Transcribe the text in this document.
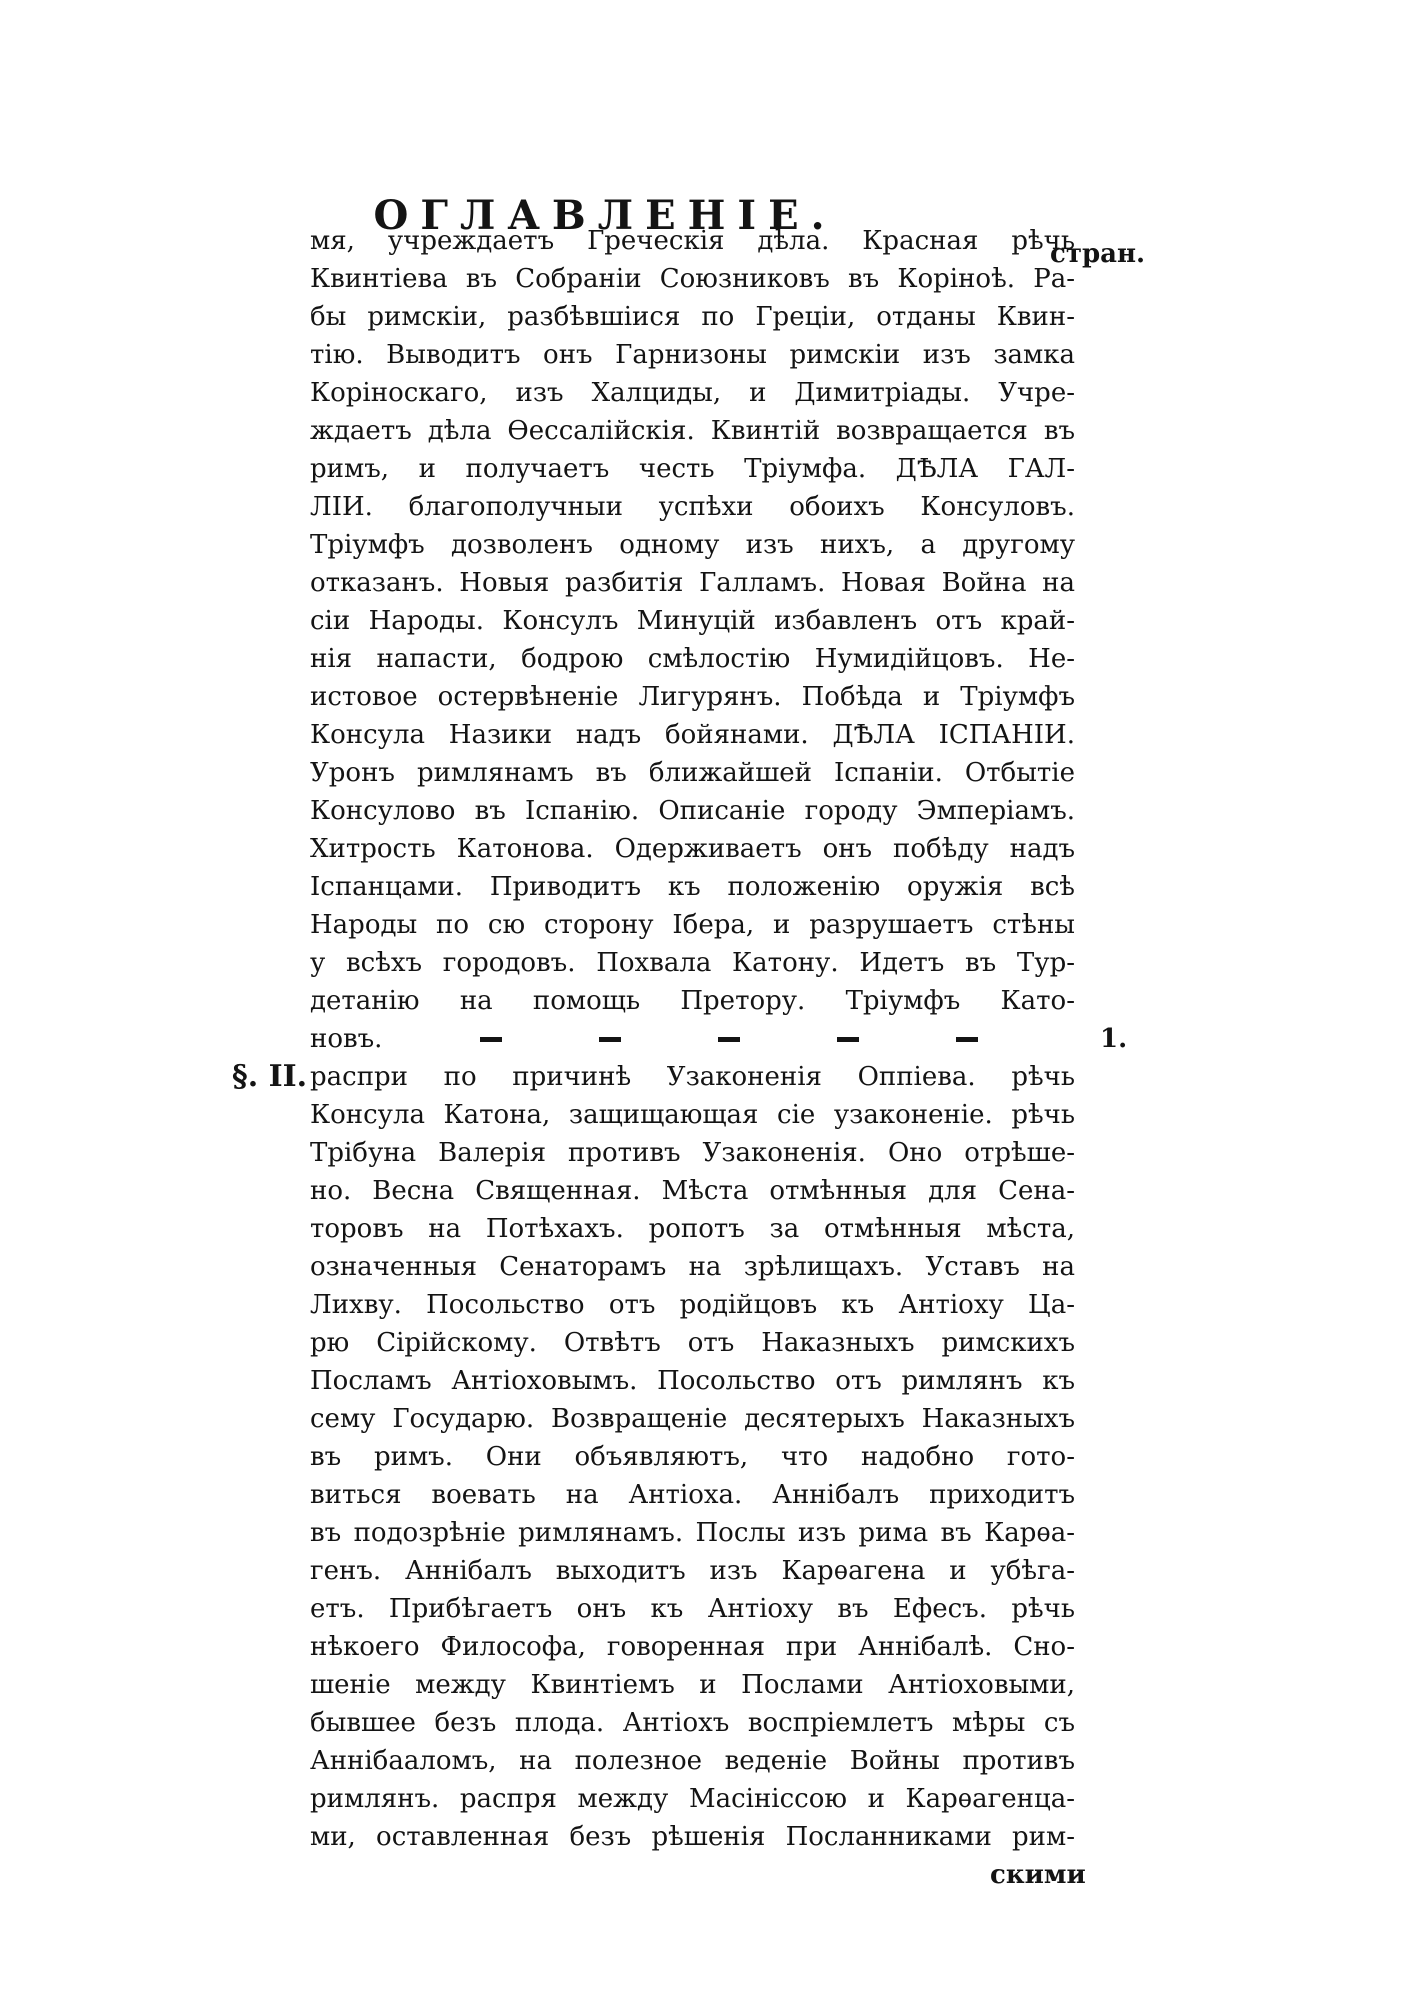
ОГЛАВЛЕНІЕ.
стран.
мя, учреждаетъ Греческія дѣла. Красная рѣчь
Квинтіева въ Собраніи Союзниковъ въ Коріноѣ. Ра-
бы римскіи, разбѣвшіися по Греціи, отданы Квин-
тію. Выводитъ онъ Гарнизоны римскіи изъ замка
Коріноскаго, изъ Халциды, и Димитріады. Учре-
ждаетъ дѣла Ѳессалійскія. Квинтій возвращается въ
римъ, и получаетъ честь Тріумфа. ДѢЛА ГАЛ-
ЛІИ. благополучныи успѣхи обоихъ Консуловъ.
Тріумфъ дозволенъ одному изъ нихъ, а другому
отказанъ. Новыя разбитія Галламъ. Новая Война на
сіи Народы. Консулъ Минуцій избавленъ отъ край-
нія напасти, бодрою смѣлостію Нумидійцовъ. Не-
истовое остервѣненіе Лигурянъ. Побѣда и Тріумфъ
Консула Назики надъ бойянами. ДѢЛА ІСПАНІИ.
Уронъ римлянамъ въ ближайшей Іспаніи. Отбытіе
Консулово въ Іспанію. Описаніе городу Эмперіамъ.
Хитрость Катонова. Одерживаетъ онъ побѣду надъ
Іспанцами. Приводитъ къ положенію оружія всѣ
Народы по сю сторону Ібера, и разрушаетъ стѣны
у всѣхъ городовъ. Похвала Катону. Идетъ въ Тур-
детанію на помощь Претору. Тріумфъ Като-
новъ.	1.
§. II. распри по причинѣ Узаконенія Оппіева. рѣчь
Консула Катона, защищающая сіе узаконеніе. рѣчь
Трібуна Валерія противъ Узаконенія. Оно отрѣше-
но. Весна Священная. Мѣста отмѣнныя для Сена-
торовъ на Потѣхахъ. ропотъ за отмѣнныя мѣста,
означенныя Сенаторамъ на зрѣлищахъ. Уставъ на
Лихву. Посольство отъ родійцовъ къ Антіоху Ца-
рю Сірійскому. Отвѣтъ отъ Наказныхъ римскихъ
Посламъ Антіоховымъ. Посольство отъ римлянъ къ
сему Государю. Возвращеніе десятерыхъ Наказныхъ
въ римъ. Они объявляютъ, что надобно гото-
виться воевать на Антіоха. Аннібалъ приходитъ
въ подозрѣніе римлянамъ. Послы изъ рима въ Карѳа-
генъ. Аннібалъ выходитъ изъ Карѳагена и убѣга-
етъ. Прибѣгаетъ онъ къ Антіоху въ Ефесъ. рѣчь
нѣкоего Философа, говоренная при Аннібалѣ. Сно-
шеніе между Квинтіемъ и Послами Антіоховыми,
бывшее безъ плода. Антіохъ воспріемлетъ мѣры съ
Аннібааломъ, на полезное веденіе Войны противъ
римлянъ. распря между Масініссою и Карѳагенца-
ми, оставленная безъ рѣшенія Посланниками рим-
скими
